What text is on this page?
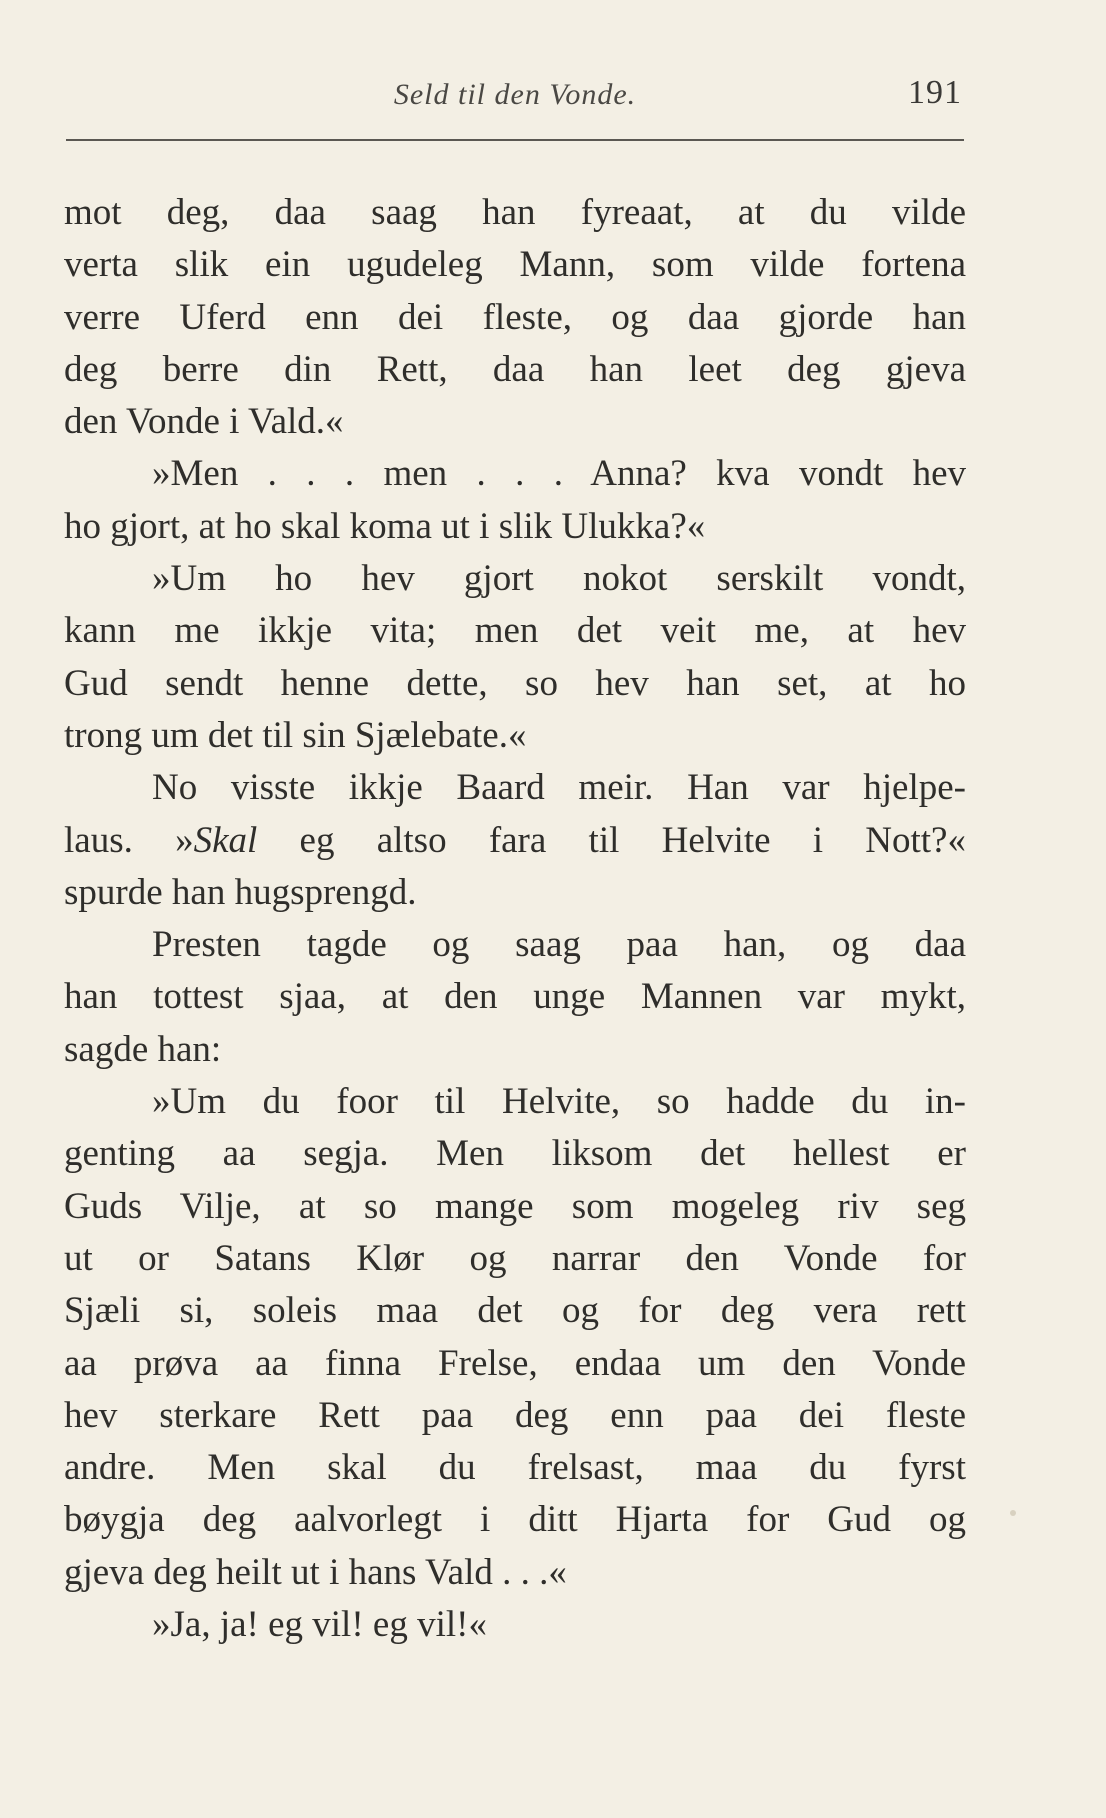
Seld til den Vonde.	191
mot deg, daa saag han fyreaat, at du vilde
verta slik ein ugudeleg Mann, som vilde fortena
verre Uferd enn dei fleste, og daa gjorde han
deg berre din Rett, daa han leet deg gjeva
den Vonde i Vald.«
»Men . . . men . . . Anna? kva vondt hev
ho gjort, at ho skal koma ut i slik Ulukka?«
»Um ho hev gjort nokot serskilt vondt,
kann me ikkje vita; men det veit me, at hev
Gud sendt henne dette, so hev han set, at ho
trong um det til sin Sjælebate.«
No visste ikkje Baard meir. Han var hjelpe-
laus. »Skal eg altso fara til Helvite i Nott?«
spurde han hugsprengd.
Presten tagde og saag paa han, og daa
han tottest sjaa, at den unge Mannen var mykt,
sagde han:
»Um du foor til Helvite, so hadde du in-
genting aa segja. Men liksom det hellest er
Guds Vilje, at so mange som mogeleg riv seg
ut or Satans Klør og narrar den Vonde for
Sjæli si, soleis maa det og for deg vera rett
aa prøva aa finna Frelse, endaa um den Vonde
hev sterkare Rett paa deg enn paa dei fleste
andre. Men skal du frelsast, maa du fyrst
bøygja deg aalvorlegt i ditt Hjarta for Gud og
gjeva deg heilt ut i hans Vald . . .«
»Ja, ja! eg vil! eg vil!«
